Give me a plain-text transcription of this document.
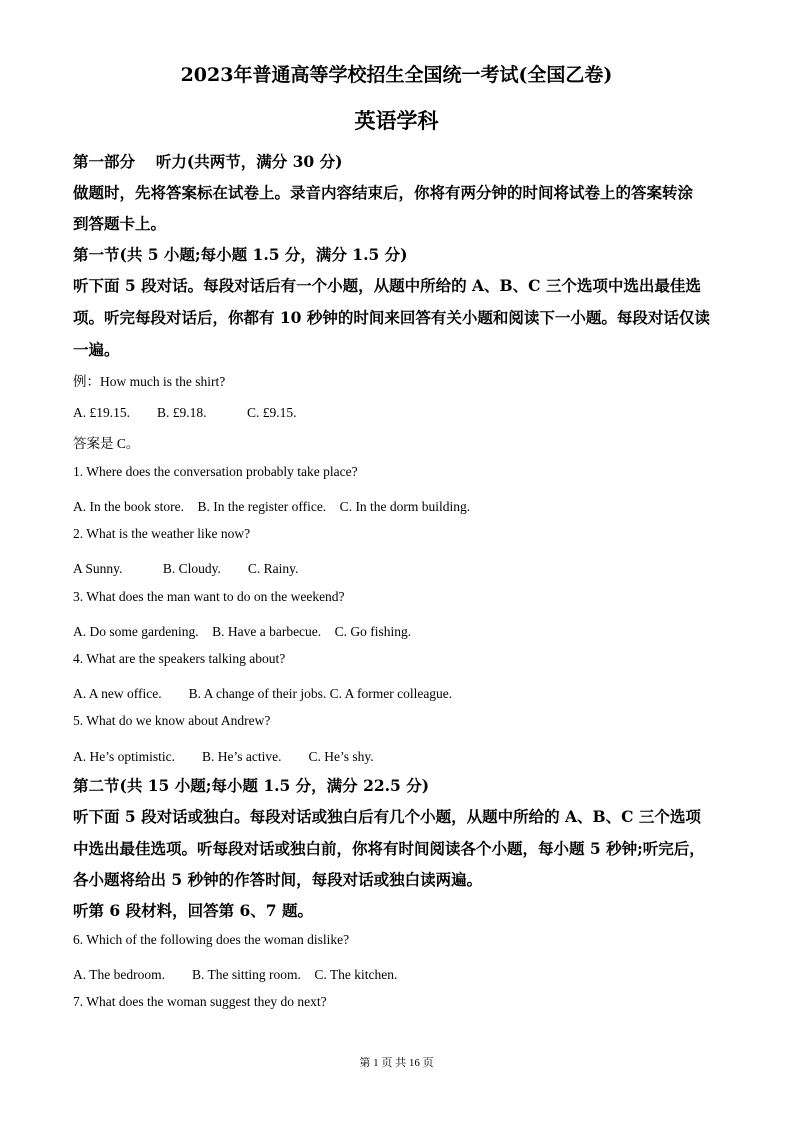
2023年普通高等学校招生全国统一考试(全国乙卷)
英语学科
第一部分　 听力(共两节，满分 30 分)
做题时，先将答案标在试卷上。录音内容结束后，你将有两分钟的时间将试卷上的答案转涂
到答题卡上。
第一节(共 5 小题;每小题 1.5 分，满分 1.5 分)
听下面 5 段对话。每段对话后有一个小题，从题中所给的 A、B、C 三个选项中选出最佳选
项。听完每段对话后，你都有 10 秒钟的时间来回答有关小题和阅读下一小题。每段对话仅读
一遍。
例：How much is the shirt?
A. £19.15.　　B. £9.18.　　　C. £9.15.
答案是 C。
1. Where does the conversation probably take place?
A. In the book store.　B. In the register office.　C. In the dorm building.
2. What is the weather like now?
A Sunny.　　　B. Cloudy.　　C. Rainy.
3. What does the man want to do on the weekend?
A. Do some gardening.　B. Have a barbecue.　C. Go fishing.
4. What are the speakers talking about?
A. A new office.　　B. A change of their jobs. C. A former colleague.
5. What do we know about Andrew?
A. He’s optimistic.　　B. He’s active.　　C. He’s shy.
第二节(共 15 小题;每小题 1.5 分，满分 22.5 分)
听下面 5 段对话或独白。每段对话或独白后有几个小题，从题中所给的 A、B、C 三个选项
中选出最佳选项。听每段对话或独白前，你将有时间阅读各个小题，每小题 5 秒钟;听完后，
各小题将给出 5 秒钟的作答时间，每段对话或独白读两遍。
听第 6 段材料，回答第 6、7 题。
6. Which of the following does the woman dislike?
A. The bedroom.　　B. The sitting room.　C. The kitchen.
7. What does the woman suggest they do next?
第 1 页 共 16 页
